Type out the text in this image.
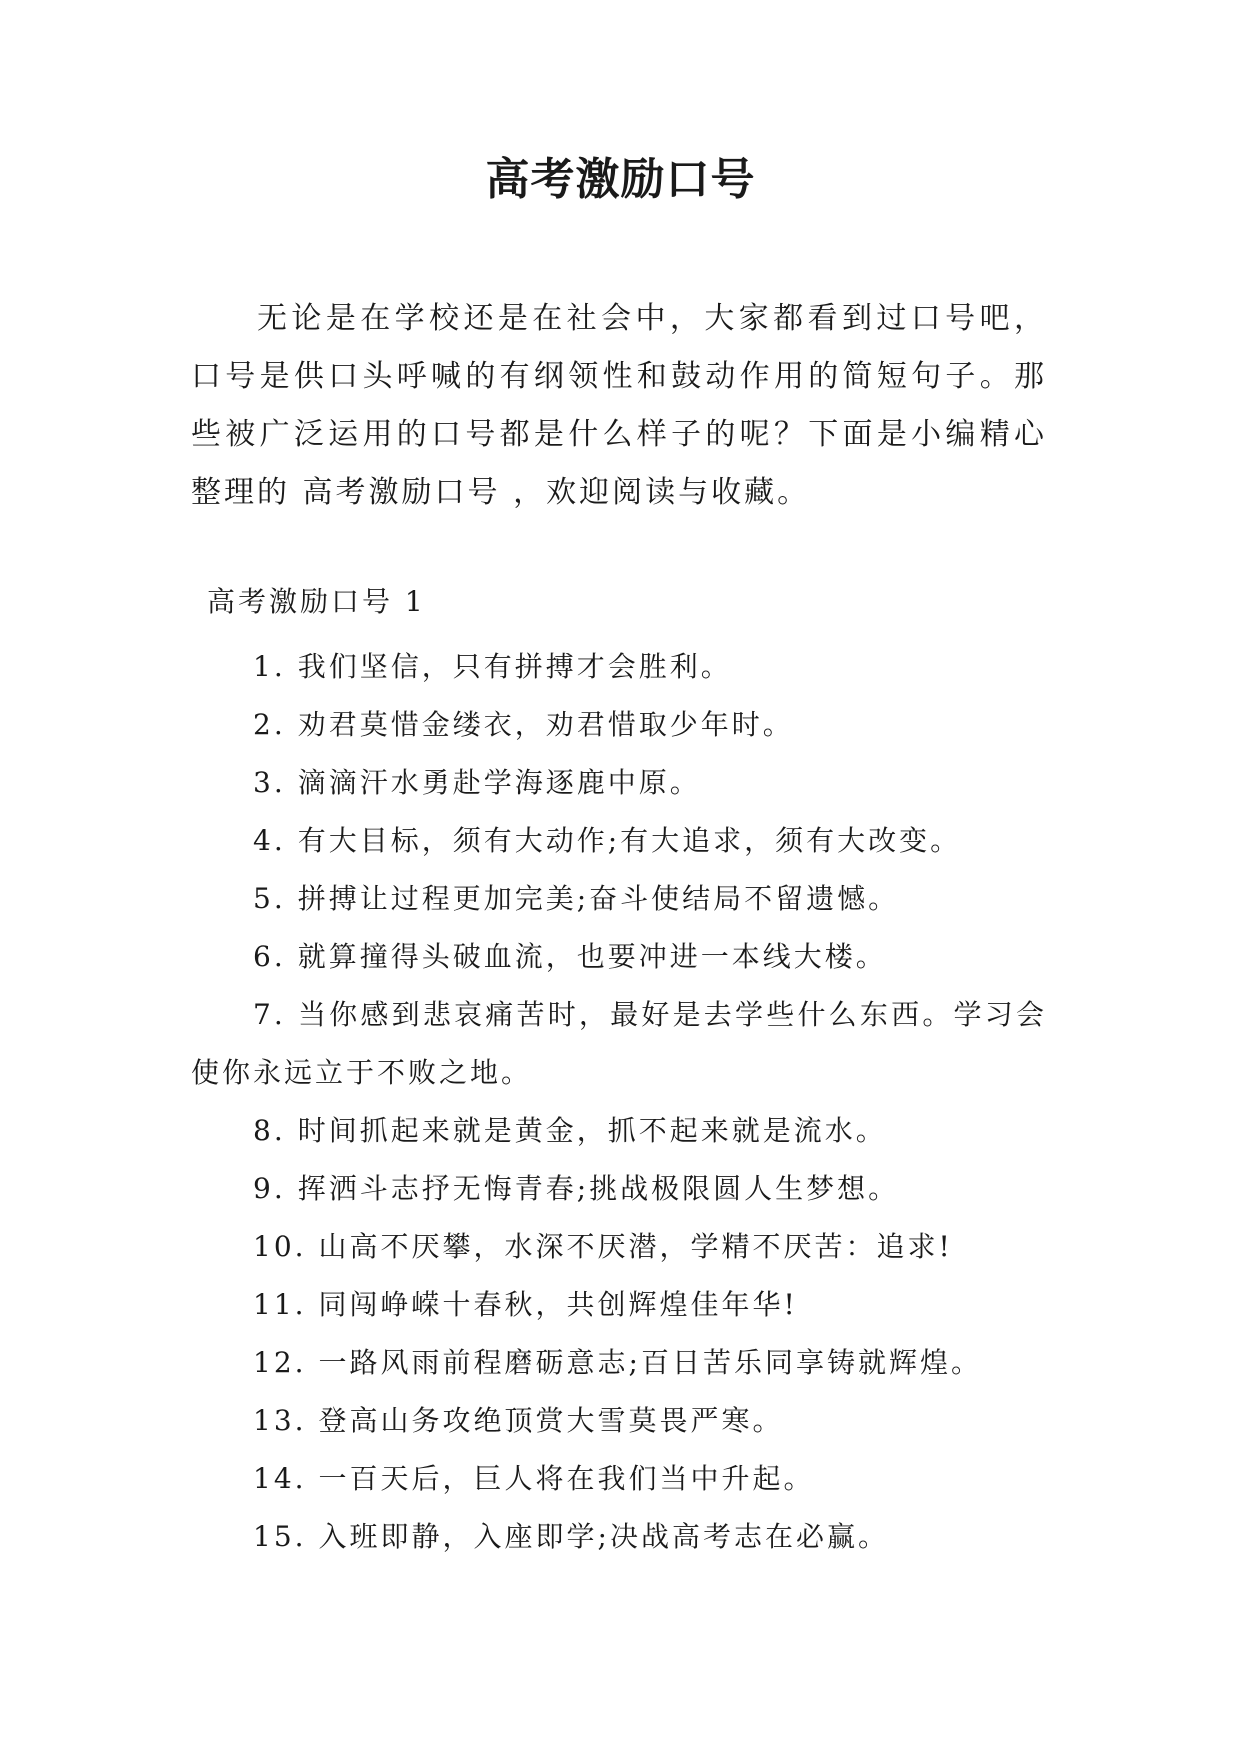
高考激励口号

无论是在学校还是在社会中，大家都看到过口号吧，口号是供口头呼喊的有纲领性和鼓动作用的简短句子。那些被广泛运用的口号都是什么样子的呢？下面是小编精心整理的 高考激励口号 ，欢迎阅读与收藏。

高考激励口号 1
1. 我们坚信，只有拼搏才会胜利。
2. 劝君莫惜金缕衣，劝君惜取少年时。
3. 滴滴汗水勇赴学海逐鹿中原。
4. 有大目标，须有大动作;有大追求，须有大改变。
5. 拼搏让过程更加完美;奋斗使结局不留遗憾。
6. 就算撞得头破血流，也要冲进一本线大楼。
7. 当你感到悲哀痛苦时，最好是去学些什么东西。学习会使你永远立于不败之地。
8. 时间抓起来就是黄金，抓不起来就是流水。
9. 挥洒斗志抒无悔青春;挑战极限圆人生梦想。
10. 山高不厌攀，水深不厌潜，学精不厌苦：追求!
11. 同闯峥嵘十春秋，共创辉煌佳年华!
12. 一路风雨前程磨砺意志;百日苦乐同享铸就辉煌。
13. 登高山务攻绝顶赏大雪莫畏严寒。
14. 一百天后，巨人将在我们当中升起。
15. 入班即静，入座即学;决战高考志在必赢。
